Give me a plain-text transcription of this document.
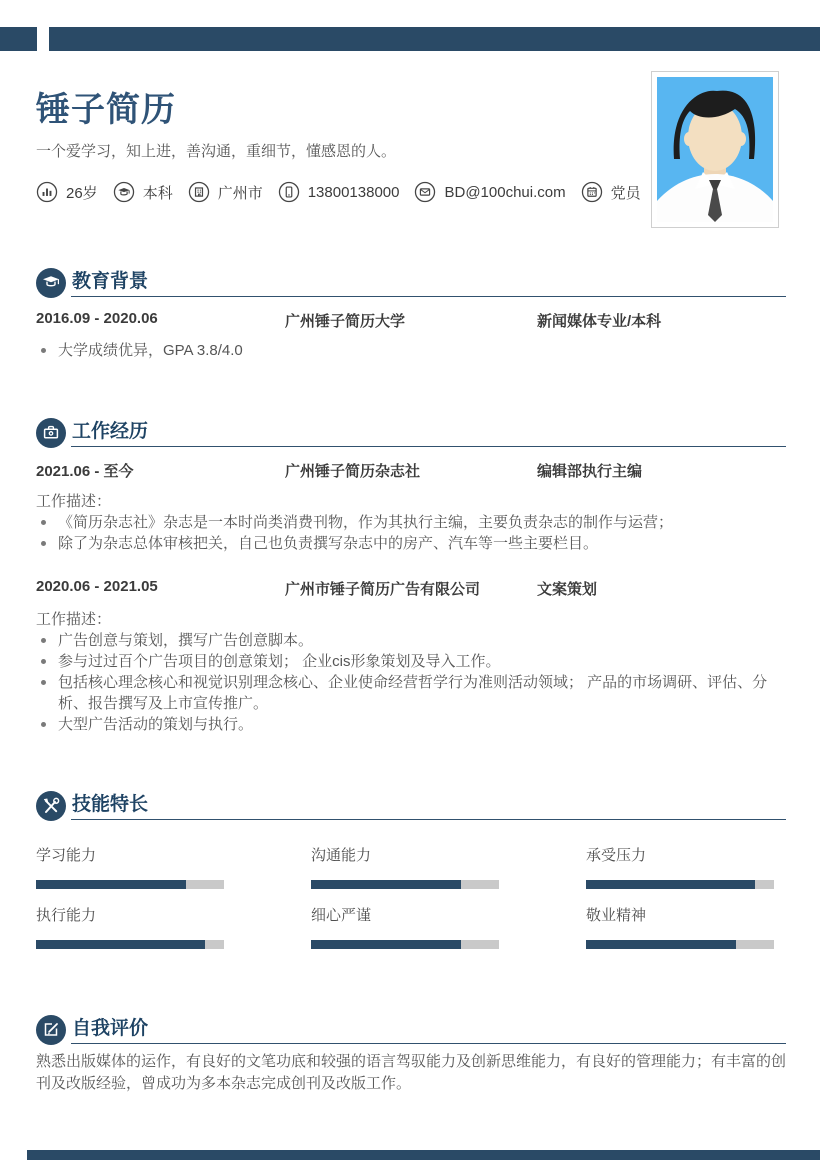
锤子简历
一个爱学习，知上进，善沟通，重细节，懂感恩的人。
26岁	本科	广州市	13800138000	BD@100chui.com	党员
教育背景
2016.09 - 2020.06	广州锤子简历大学	新闻媒体专业/本科
大学成绩优异，GPA 3.8/4.0
工作经历
2021.06 - 至今	广州锤子简历杂志社	编辑部执行主编
工作描述：
《简历杂志社》杂志是一本时尚类消费刊物，作为其执行主编，主要负责杂志的制作与运营；
除了为杂志总体审核把关，自己也负责撰写杂志中的房产、汽车等一些主要栏目。
2020.06 - 2021.05	广州市锤子简历广告有限公司	文案策划
工作描述：
广告创意与策划，撰写广告创意脚本。
参与过过百个广告项目的创意策划； 企业cis形象策划及导入工作。
包括核心理念核心和视觉识别理念核心、企业使命经营哲学行为准则活动领域； 产品的市场调研、评估、分析、报告撰写及上市宣传推广。
大型广告活动的策划与执行。
技能特长
学习能力	沟通能力	承受压力
执行能力	细心严谨	敬业精神
自我评价
熟悉出版媒体的运作，有良好的文笔功底和较强的语言驾驭能力及创新思维能力，有良好的管理能力；有丰富的创刊及改版经验，曾成功为多本杂志完成创刊及改版工作。
